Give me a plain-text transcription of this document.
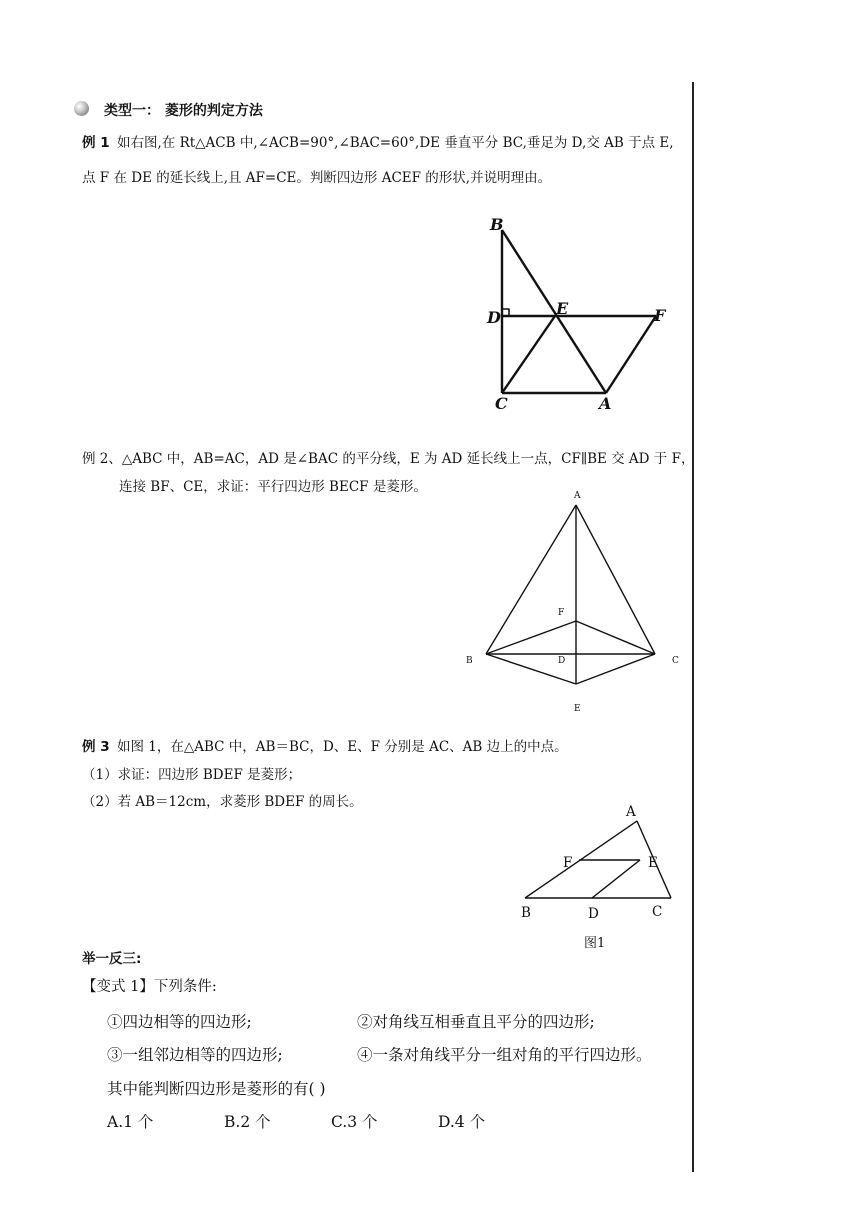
类型一： 菱形的判定方法
例 1 如右图,在 Rt△ACB 中,∠ACB=90°,∠BAC=60°,DE 垂直平分 BC,垂足为 D,交 AB 于点 E,
点 F 在 DE 的延长线上,且 AF=CE。判断四边形 ACEF 的形状,并说明理由。
B
D	E	F
C	A
例 2、△ABC 中，AB=AC，AD 是∠BAC 的平分线，E 为 AD 延长线上一点，CF∥BE 交 AD 于 F，
连接 BF、CE，求证：平行四边形 BECF 是菱形。
A
F
B	D	C
E
例 3 如图 1，在△ABC 中，AB＝BC，D、E、F 分别是 AC、AB 边上的中点。
（1）求证：四边形 BDEF 是菱形；
（2）若 AB＝12cm，求菱形 BDEF 的周长。
A
F	E
B	D	C
图1
举一反三:
【变式 1】下列条件:
①四边相等的四边形;	②对角线互相垂直且平分的四边形;
③一组邻边相等的四边形;	④一条对角线平分一组对角的平行四边形。
其中能判断四边形是菱形的有( )
A.1 个	B.2 个	C.3 个	D.4 个
